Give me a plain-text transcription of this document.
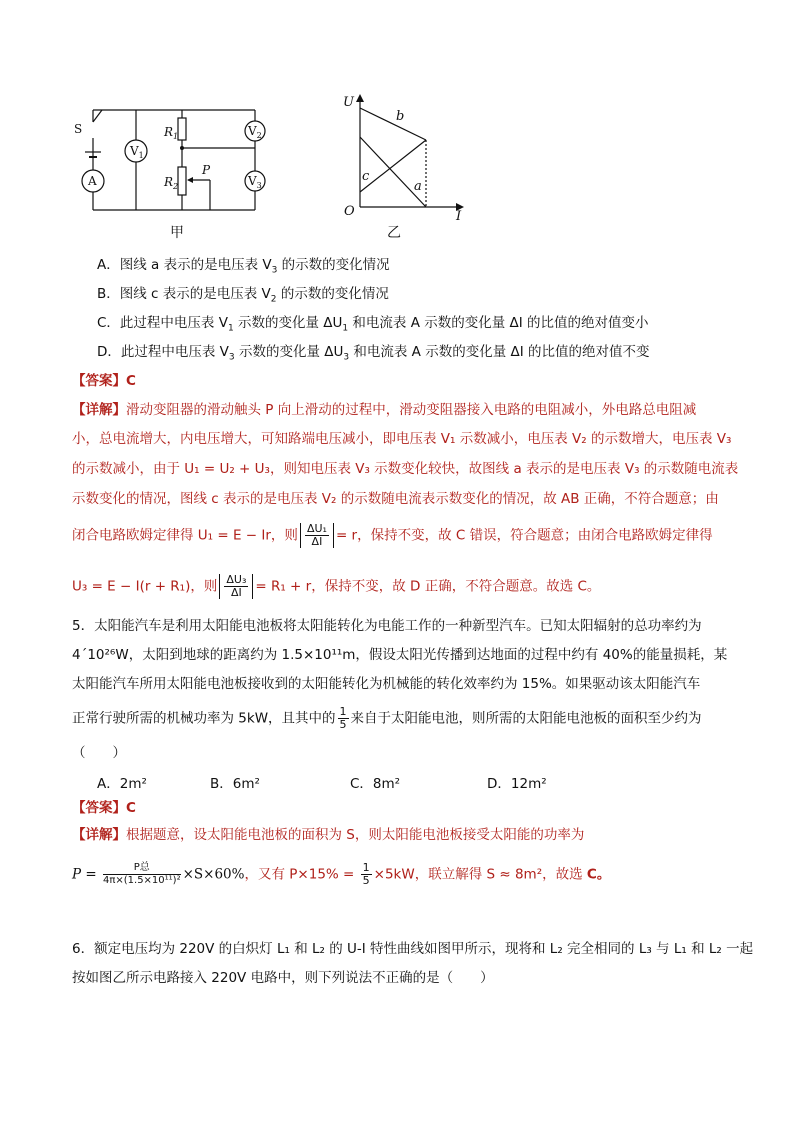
A
$V_1$
$V_2$
$V_3$
S	$R_1$
$R_2$
P
甲
U
I
O
b
c
a
乙
A．图线 a 表示的是电压表 $V_3$ 的示数的变化情况
B．图线 c 表示的是电压表 $V_2$ 的示数的变化情况
C．此过程中电压表 $V_1$ 示数的变化量 $\Delta U_1$ 和电流表 A 示数的变化量 ΔI 的比值的绝对值变小
D．此过程中电压表 $V_3$ 示数的变化量 $\Delta U_3$ 和电流表 A 示数的变化量 ΔI 的比值的绝对值不变
【答案】C
【详解】滑动变阻器的滑动触头 P 向上滑动的过程中，滑动变阻器接入电路的电阻减小，外电路总电阻减
小，总电流增大，内电压增大，可知路端电压减小，即电压表 V₁ 示数减小，电压表 V₂ 的示数增大，电压表 V₃
的示数减小，由于 U₁ = U₂ + U₃，则知电压表 V₃ 示数变化较快，故图线 a 表示的是电压表 V₃ 的示数随电流表
示数变化的情况，图线 c 表示的是电压表 V₂ 的示数随电流表示数变化的情况，故 AB 正确，不符合题意；由
闭合电路欧姆定律得 U₁ = E − Ir，则 $\frac{\text{ΔU₁}}{\Delta I} = r$，保持不变，故 C 错误，符合题意；由闭合电路欧姆定律得
U₃ = E − I(r + R₁)，则 $\frac{\text{ΔU₃}}{\Delta I} = R_1 + r$，保持不变，故 D 正确，不符合题意。故选 C。
5．太阳能汽车是利用太阳能电池板将太阳能转化为电能工作的一种新型汽车。已知太阳辐射的总功率约为
4´10²⁶W，太阳到地球的距离约为 1.5×10¹¹m，假设太阳光传播到达地面的过程中约有 40%的能量损耗，某
太阳能汽车所用太阳能电池板接收到的太阳能转化为机械能的转化效率约为 15%。如果驱动该太阳能汽车
正常行驶所需的机械功率为 5kW，且其中的 $\frac{1}{5}$ 来自于太阳能电池，则所需的太阳能电池板的面积至少约为
（　　）
A．2m²	B．6m²	C．8m²	D．12m²
【答案】C
【详解】根据题意，设太阳能电池板的面积为 S，则太阳能电池板接受太阳能的功率为
$P = \frac{\text{P总}}{\text{4π×(1.5×10¹¹)²}} \times S\times 60\%$，又有 $P\times 15\% = \frac{1}{5} \times 5kW$，联立解得 S ≈ 8m²，故选 C。
6．额定电压均为 220V 的白炽灯 L₁ 和 L₂ 的 U-I 特性曲线如图甲所示，现将和 L₂ 完全相同的 L₃ 与 L₁ 和 L₂ 一起
按如图乙所示电路接入 220V 电路中，则下列说法不正确的是（　　）
